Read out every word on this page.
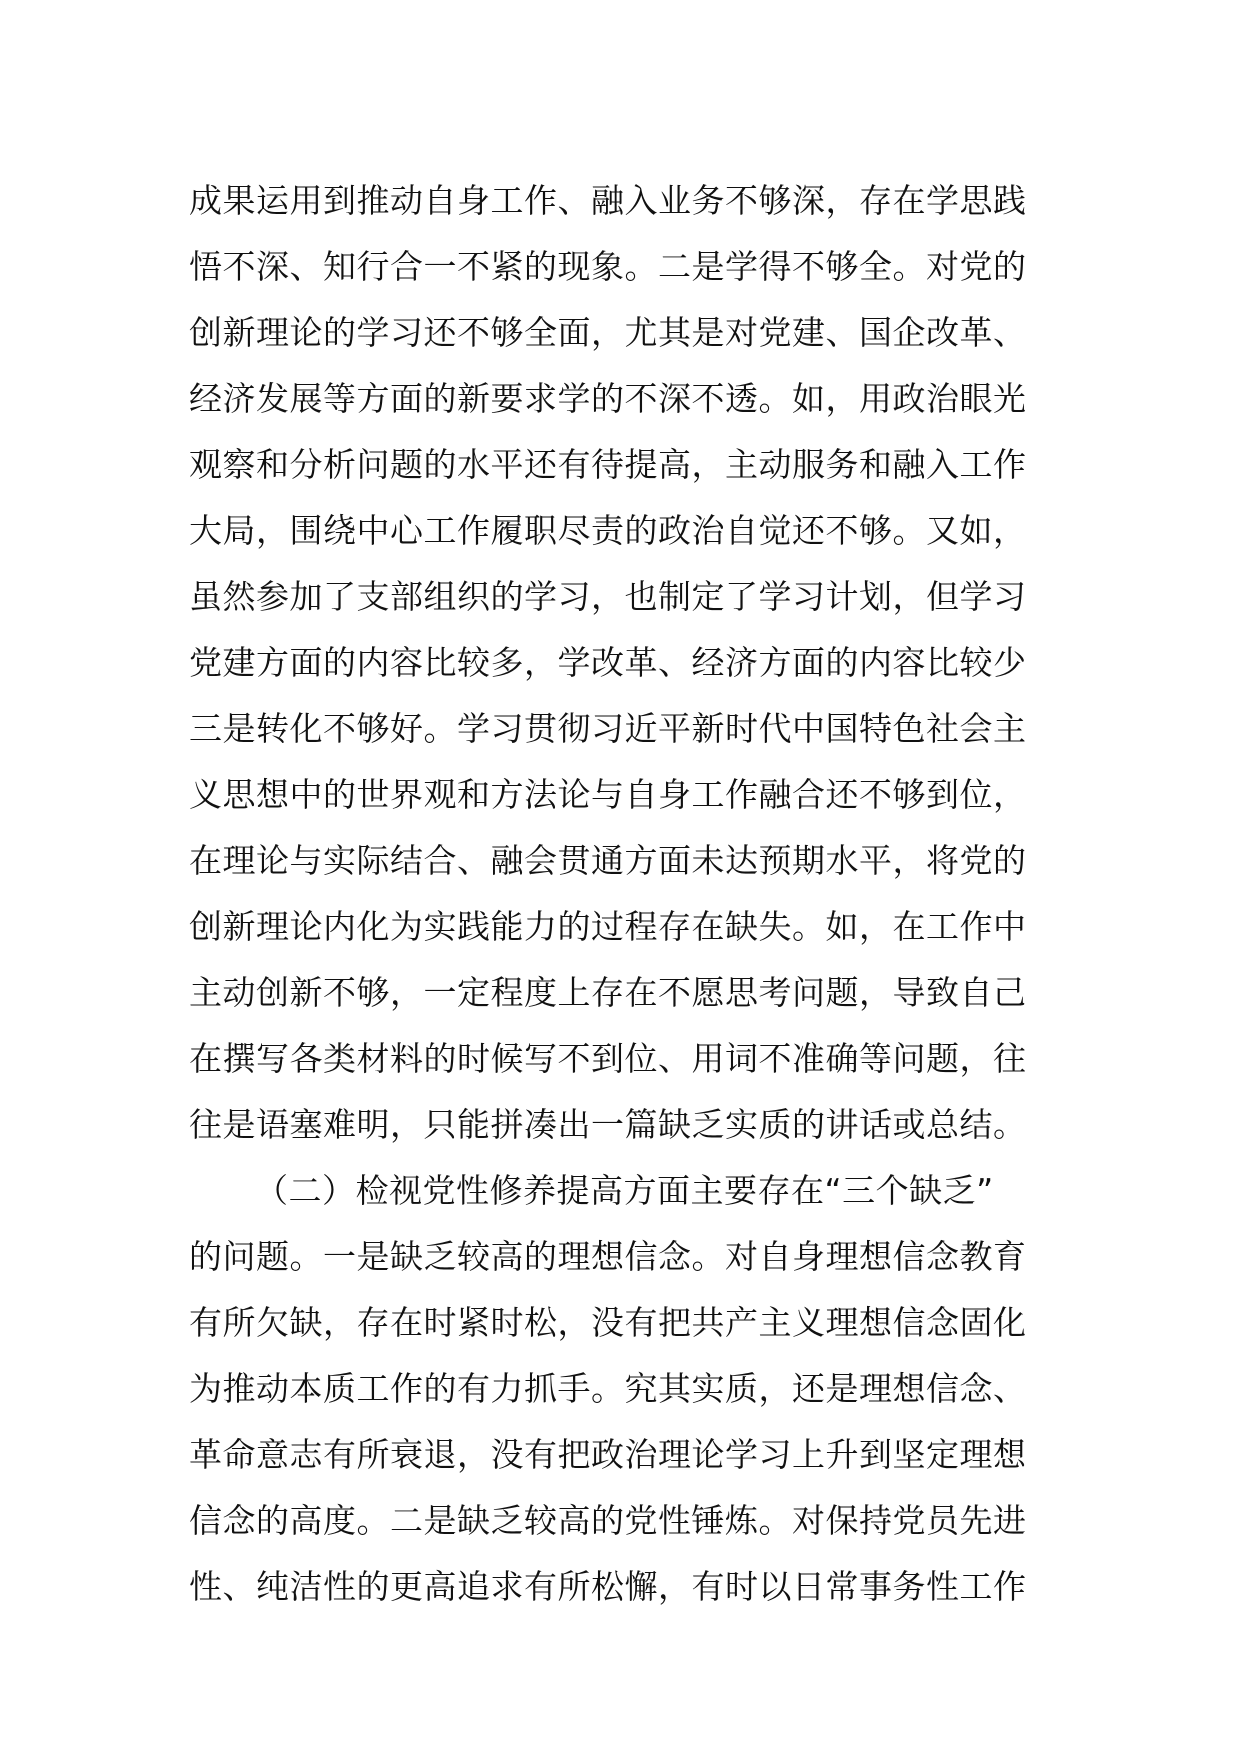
成果运用到推动自身工作、融入业务不够深，存在学思践
悟不深、知行合一不紧的现象。二是学得不够全。对党的
创新理论的学习还不够全面，尤其是对党建、国企改革、
经济发展等方面的新要求学的不深不透。如，用政治眼光
观察和分析问题的水平还有待提高，主动服务和融入工作
大局，围绕中心工作履职尽责的政治自觉还不够。又如，
虽然参加了支部组织的学习，也制定了学习计划，但学习
党建方面的内容比较多，学改革、经济方面的内容比较少
三是转化不够好。学习贯彻习近平新时代中国特色社会主
义思想中的世界观和方法论与自身工作融合还不够到位，
在理论与实际结合、融会贯通方面未达预期水平，将党的
创新理论内化为实践能力的过程存在缺失。如，在工作中
主动创新不够，一定程度上存在不愿思考问题，导致自己
在撰写各类材料的时候写不到位、用词不准确等问题，往
往是语塞难明，只能拼凑出一篇缺乏实质的讲话或总结。
（二）检视党性修养提高方面主要存在“三个缺乏”
的问题。一是缺乏较高的理想信念。对自身理想信念教育
有所欠缺，存在时紧时松，没有把共产主义理想信念固化
为推动本质工作的有力抓手。究其实质，还是理想信念、
革命意志有所衰退，没有把政治理论学习上升到坚定理想
信念的高度。二是缺乏较高的党性锤炼。对保持党员先进
性、纯洁性的更高追求有所松懈，有时以日常事务性工作
